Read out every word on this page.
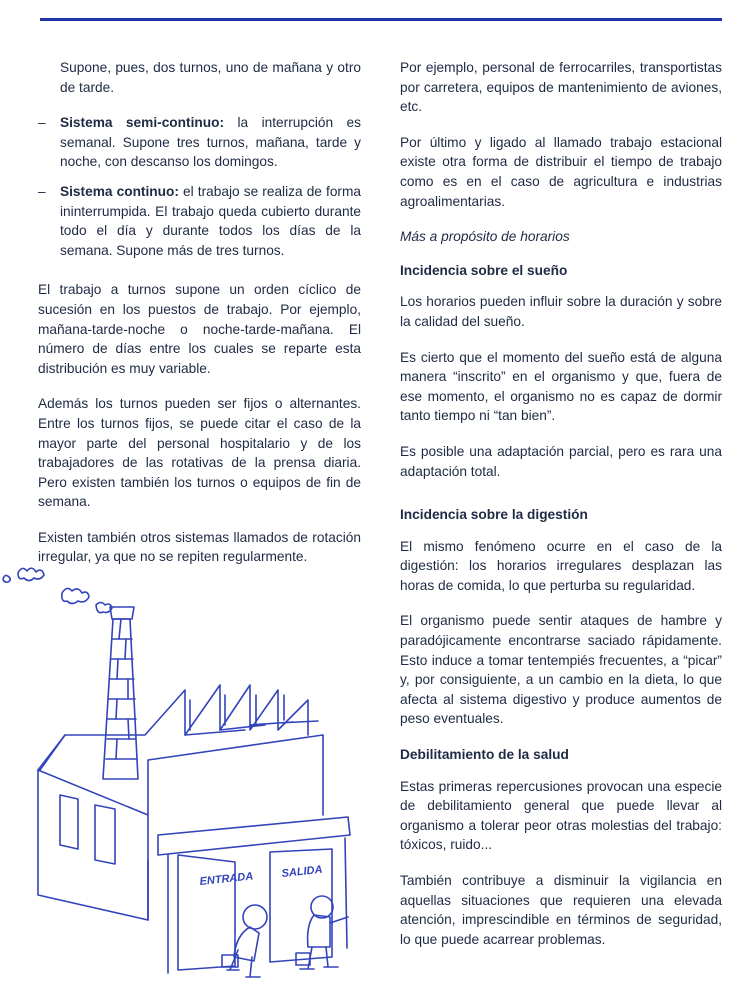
Supone, pues, dos turnos, uno de mañana y otro de tarde.

– Sistema semi-continuo: la interrupción es semanal. Supone tres turnos, mañana, tarde y noche, con descanso los domingos.
– Sistema continuo: el trabajo se realiza de forma ininterrumpida. El trabajo queda cubierto durante todo el día y durante todos los días de la semana. Supone más de tres turnos.

El trabajo a turnos supone un orden cíclico de sucesión en los puestos de trabajo. Por ejemplo, mañana-tarde-noche o noche-tarde-mañana. El número de días entre los cuales se reparte esta distribución es muy variable.

Además los turnos pueden ser fijos o alternantes. Entre los turnos fijos, se puede citar el caso de la mayor parte del personal hospitalario y de los trabajadores de las rotativas de la prensa diaria. Pero existen también los turnos o equipos de fin de semana.

Existen también otros sistemas llamados de rotación irregular, ya que no se repiten regularmente.

Por ejemplo, personal de ferrocarriles, transportistas por carretera, equipos de mantenimiento de aviones, etc.

Por último y ligado al llamado trabajo estacional existe otra forma de distribuir el tiempo de trabajo como es en el caso de agricultura e industrias agroalimentarias.

Más a propósito de horarios
Incidencia sobre el sueño

Los horarios pueden influir sobre la duración y sobre la calidad del sueño.

Es cierto que el momento del sueño está de alguna manera “inscrito” en el organismo y que, fuera de ese momento, el organismo no es capaz de dormir tanto tiempo ni “tan bien”.

Es posible una adaptación parcial, pero es rara una adaptación total.

Incidencia sobre la digestión

El mismo fenómeno ocurre en el caso de la digestión: los horarios irregulares desplazan las horas de comida, lo que perturba su regularidad.

El organismo puede sentir ataques de hambre y paradójicamente encontrarse saciado rápidamente. Esto induce a tomar tentempiés frecuentes, a “picar” y, por consiguiente, a un cambio en la dieta, lo que afecta al sistema digestivo y produce aumentos de peso eventuales.

Debilitamiento de la salud

Estas primeras repercusiones provocan una especie de debilitamiento general que puede llevar al organismo a tolerar peor otras molestias del trabajo: tóxicos, ruido...

También contribuye a disminuir la vigilancia en aquellas situaciones que requieren una elevada atención, imprescindible en términos de seguridad, lo que puede acarrear problemas.

ENTRADA SALIDA
